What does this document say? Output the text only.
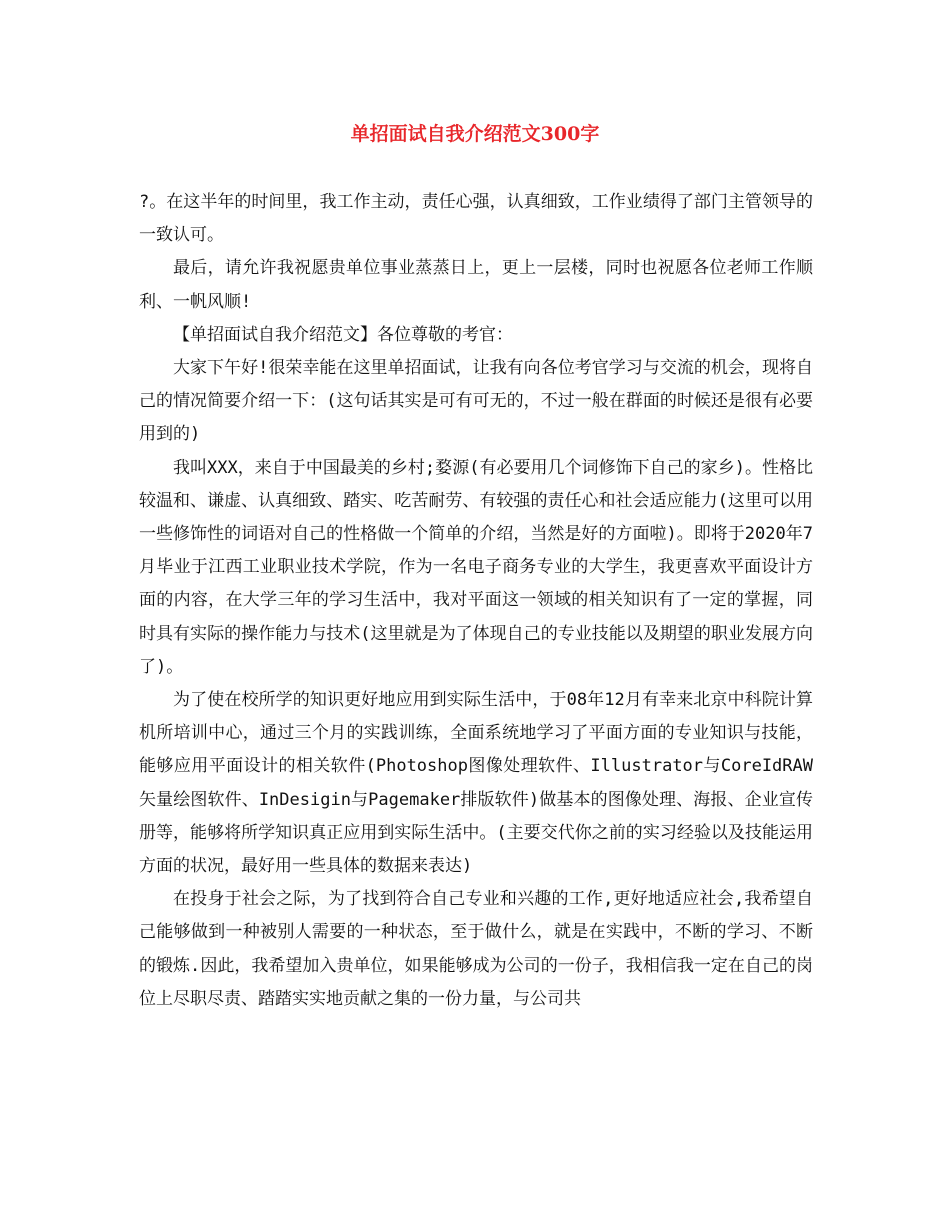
单招面试自我介绍范文300字

?。在这半年的时间里，我工作主动，责任心强，认真细致，工作业绩得了部门主管领导的一致认可。

最后，请允许我祝愿贵单位事业蒸蒸日上，更上一层楼，同时也祝愿各位老师工作顺利、一帆风顺!

【单招面试自我介绍范文】各位尊敬的考官：

大家下午好!很荣幸能在这里单招面试，让我有向各位考官学习与交流的机会，现将自己的情况简要介绍一下：(这句话其实是可有可无的，不过一般在群面的时候还是很有必要用到的)

我叫XXX，来自于中国最美的乡村;婺源(有必要用几个词修饰下自己的家乡)。性格比较温和、谦虚、认真细致、踏实、吃苦耐劳、有较强的责任心和社会适应能力(这里可以用一些修饰性的词语对自己的性格做一个简单的介绍，当然是好的方面啦)。即将于2020年7月毕业于江西工业职业技术学院，作为一名电子商务专业的大学生，我更喜欢平面设计方面的内容，在大学三年的学习生活中，我对平面这一领域的相关知识有了一定的掌握，同时具有实际的操作能力与技术(这里就是为了体现自己的专业技能以及期望的职业发展方向了)。

为了使在校所学的知识更好地应用到实际生活中，于08年12月有幸来北京中科院计算机所培训中心，通过三个月的实践训练，全面系统地学习了平面方面的专业知识与技能，能够应用平面设计的相关软件(Photoshop图像处理软件、Illustrator与CoreIdRAW矢量绘图软件、InDesigin与Pagemaker排版软件)做基本的图像处理、海报、企业宣传册等，能够将所学知识真正应用到实际生活中。(主要交代你之前的实习经验以及技能运用方面的状况，最好用一些具体的数据来表达)

在投身于社会之际，为了找到符合自己专业和兴趣的工作,更好地适应社会,我希望自己能够做到一种被别人需要的一种状态，至于做什么，就是在实践中，不断的学习、不断的锻炼.因此，我希望加入贵单位，如果能够成为公司的一份子，我相信我一定在自己的岗位上尽职尽责、踏踏实实地贡献之集的一份力量，与公司共
